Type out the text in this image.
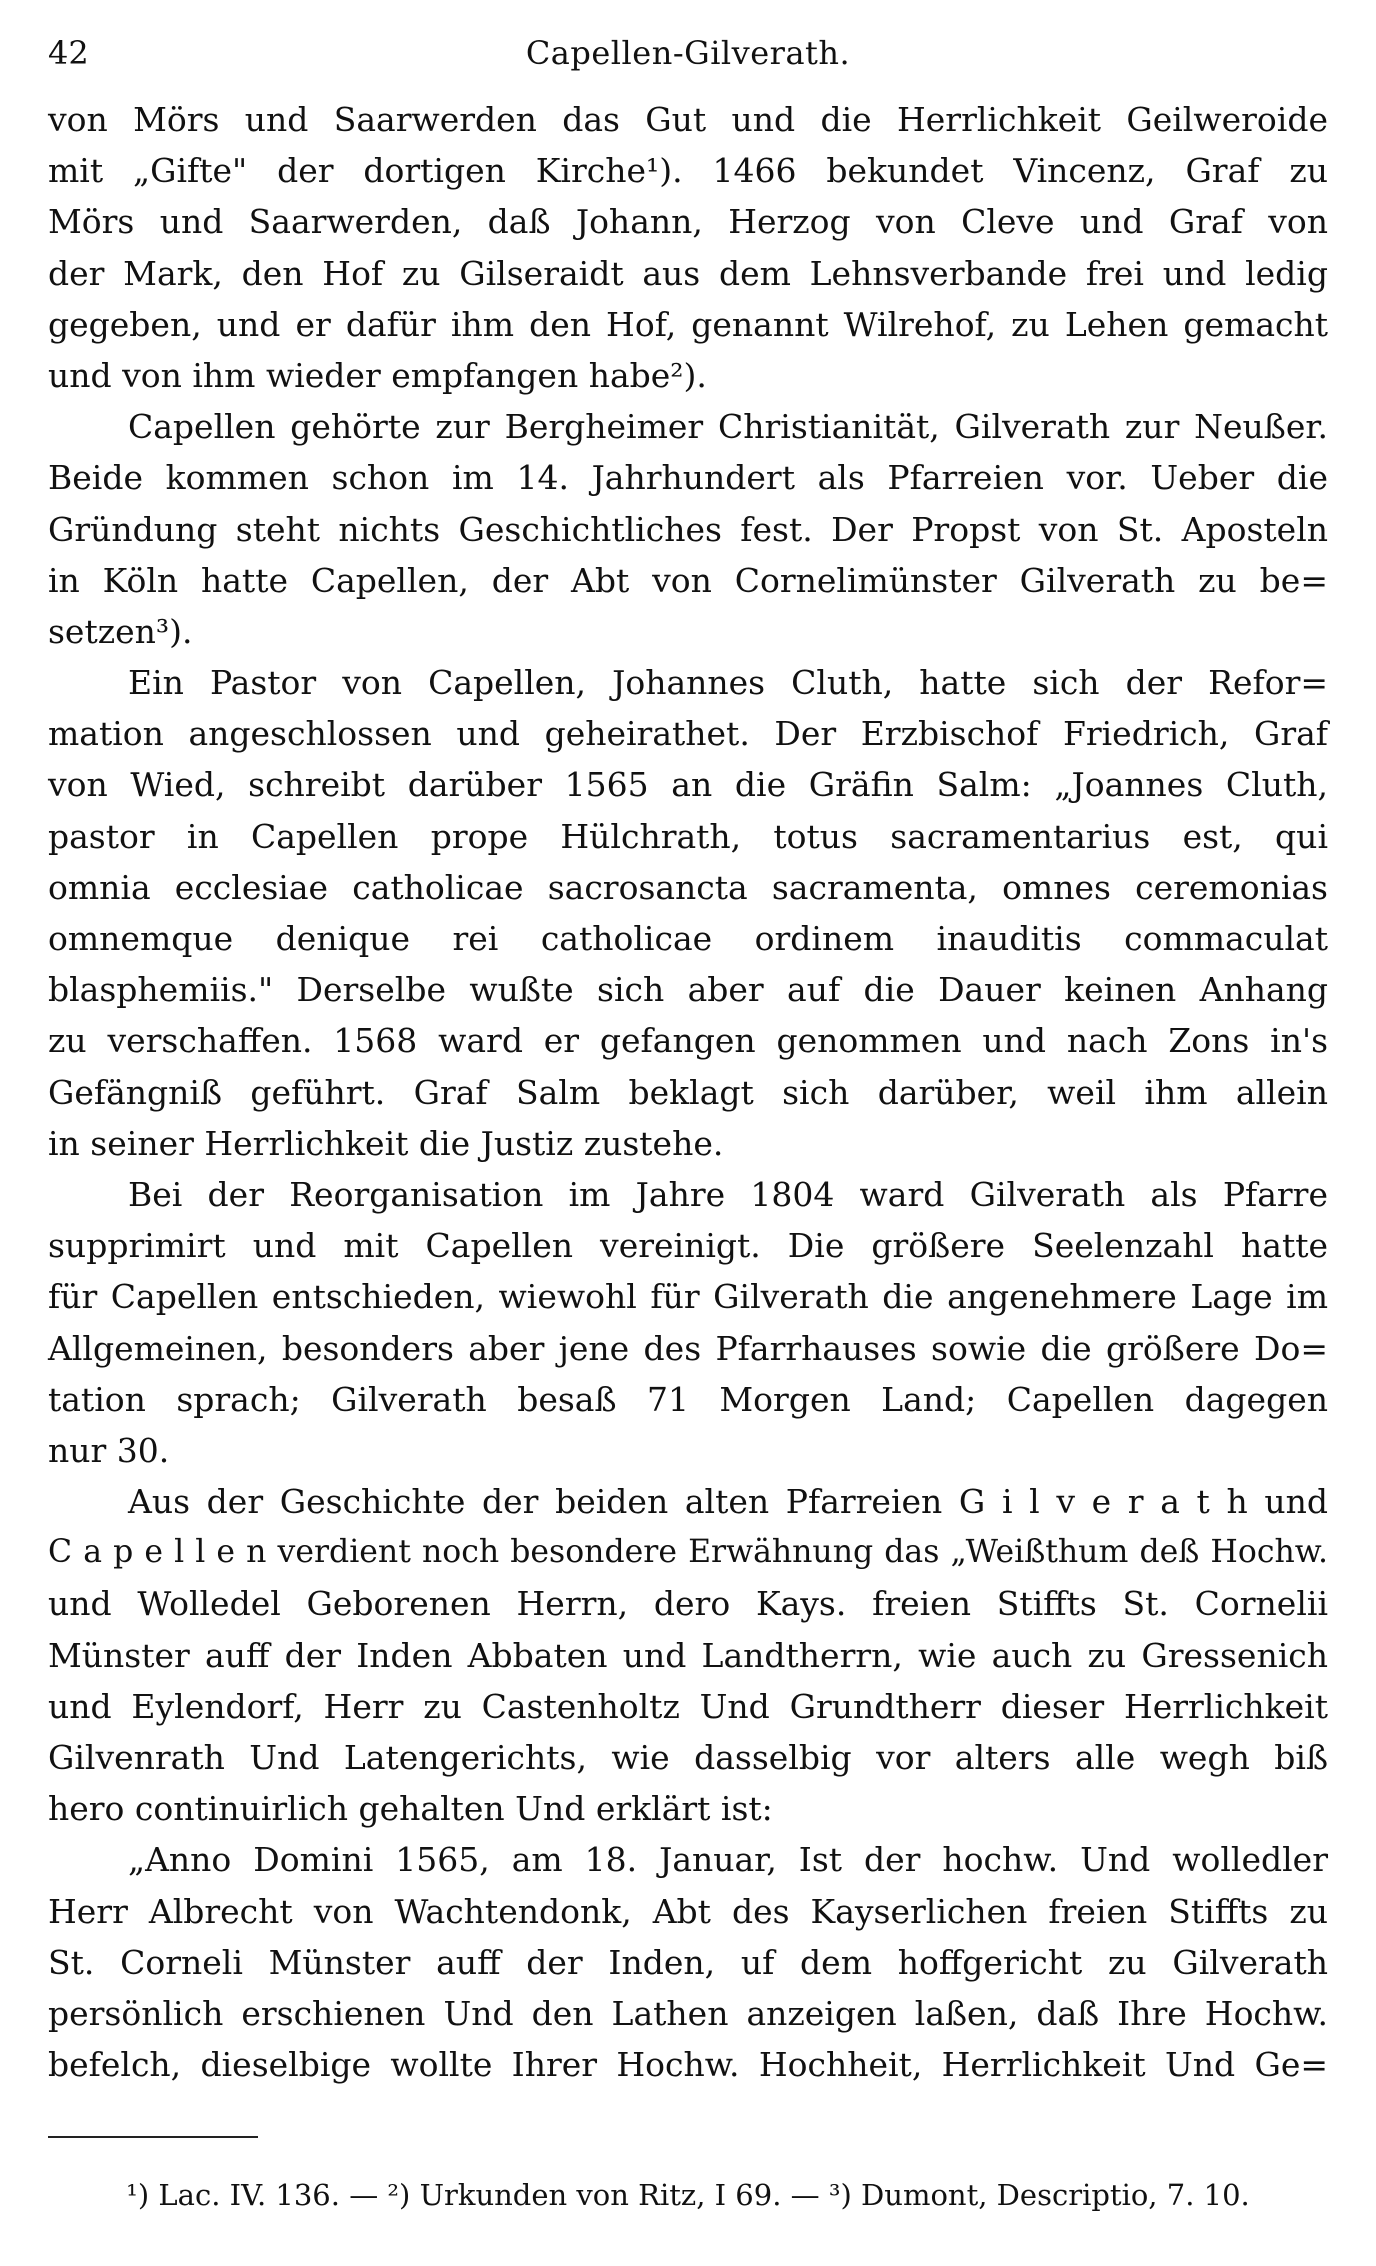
42	Capellen-Gilverath.
von Mörs und Saarwerden das Gut und die Herrlichkeit Geilweroide
mit „Gifte" der dortigen Kirche¹). 1466 bekundet Vincenz, Graf zu
Mörs und Saarwerden, daß Johann, Herzog von Cleve und Graf von
der Mark, den Hof zu Gilseraidt aus dem Lehnsverbande frei und ledig
gegeben, und er dafür ihm den Hof, genannt Wilrehof, zu Lehen gemacht
und von ihm wieder empfangen habe²).
Capellen gehörte zur Bergheimer Christianität, Gilverath zur Neußer.
Beide kommen schon im 14. Jahrhundert als Pfarreien vor. Ueber die
Gründung steht nichts Geschichtliches fest. Der Propst von St. Aposteln
in Köln hatte Capellen, der Abt von Cornelimünster Gilverath zu be=
setzen³).
Ein Pastor von Capellen, Johannes Cluth, hatte sich der Refor=
mation angeschlossen und geheirathet. Der Erzbischof Friedrich, Graf
von Wied, schreibt darüber 1565 an die Gräfin Salm: „Joannes Cluth,
pastor in Capellen prope Hülchrath, totus sacramentarius est, qui
omnia ecclesiae catholicae sacrosancta sacramenta, omnes ceremonias
omnemque denique rei catholicae ordinem inauditis commaculat
blasphemiis." Derselbe wußte sich aber auf die Dauer keinen Anhang
zu verschaffen. 1568 ward er gefangen genommen und nach Zons in's
Gefängniß geführt. Graf Salm beklagt sich darüber, weil ihm allein
in seiner Herrlichkeit die Justiz zustehe.
Bei der Reorganisation im Jahre 1804 ward Gilverath als Pfarre
supprimirt und mit Capellen vereinigt. Die größere Seelenzahl hatte
für Capellen entschieden, wiewohl für Gilverath die angenehmere Lage im
Allgemeinen, besonders aber jene des Pfarrhauses sowie die größere Do=
tation sprach; Gilverath besaß 71 Morgen Land; Capellen dagegen
nur 30.
Aus der Geschichte der beiden alten Pfarreien G i l v e r a t h und
C a p e l l e n verdient noch besondere Erwähnung das „Weißthum deß Hochw.
und Wolledel Geborenen Herrn, dero Kays. freien Stiffts St. Cornelii
Münster auff der Inden Abbaten und Landtherrn, wie auch zu Gressenich
und Eylendorf, Herr zu Castenholtz Und Grundtherr dieser Herrlichkeit
Gilvenrath Und Latengerichts, wie dasselbig vor alters alle wegh biß
hero continuirlich gehalten Und erklärt ist:
„Anno Domini 1565, am 18. Januar, Ist der hochw. Und wolledler
Herr Albrecht von Wachtendonk, Abt des Kayserlichen freien Stiffts zu
St. Corneli Münster auff der Inden, uf dem hoffgericht zu Gilverath
persönlich erschienen Und den Lathen anzeigen laßen, daß Ihre Hochw.
befelch, dieselbige wollte Ihrer Hochw. Hochheit, Herrlichkeit Und Ge=
¹) Lac. IV. 136. — ²) Urkunden von Ritz, I 69. — ³) Dumont, Descriptio, 7. 10.
